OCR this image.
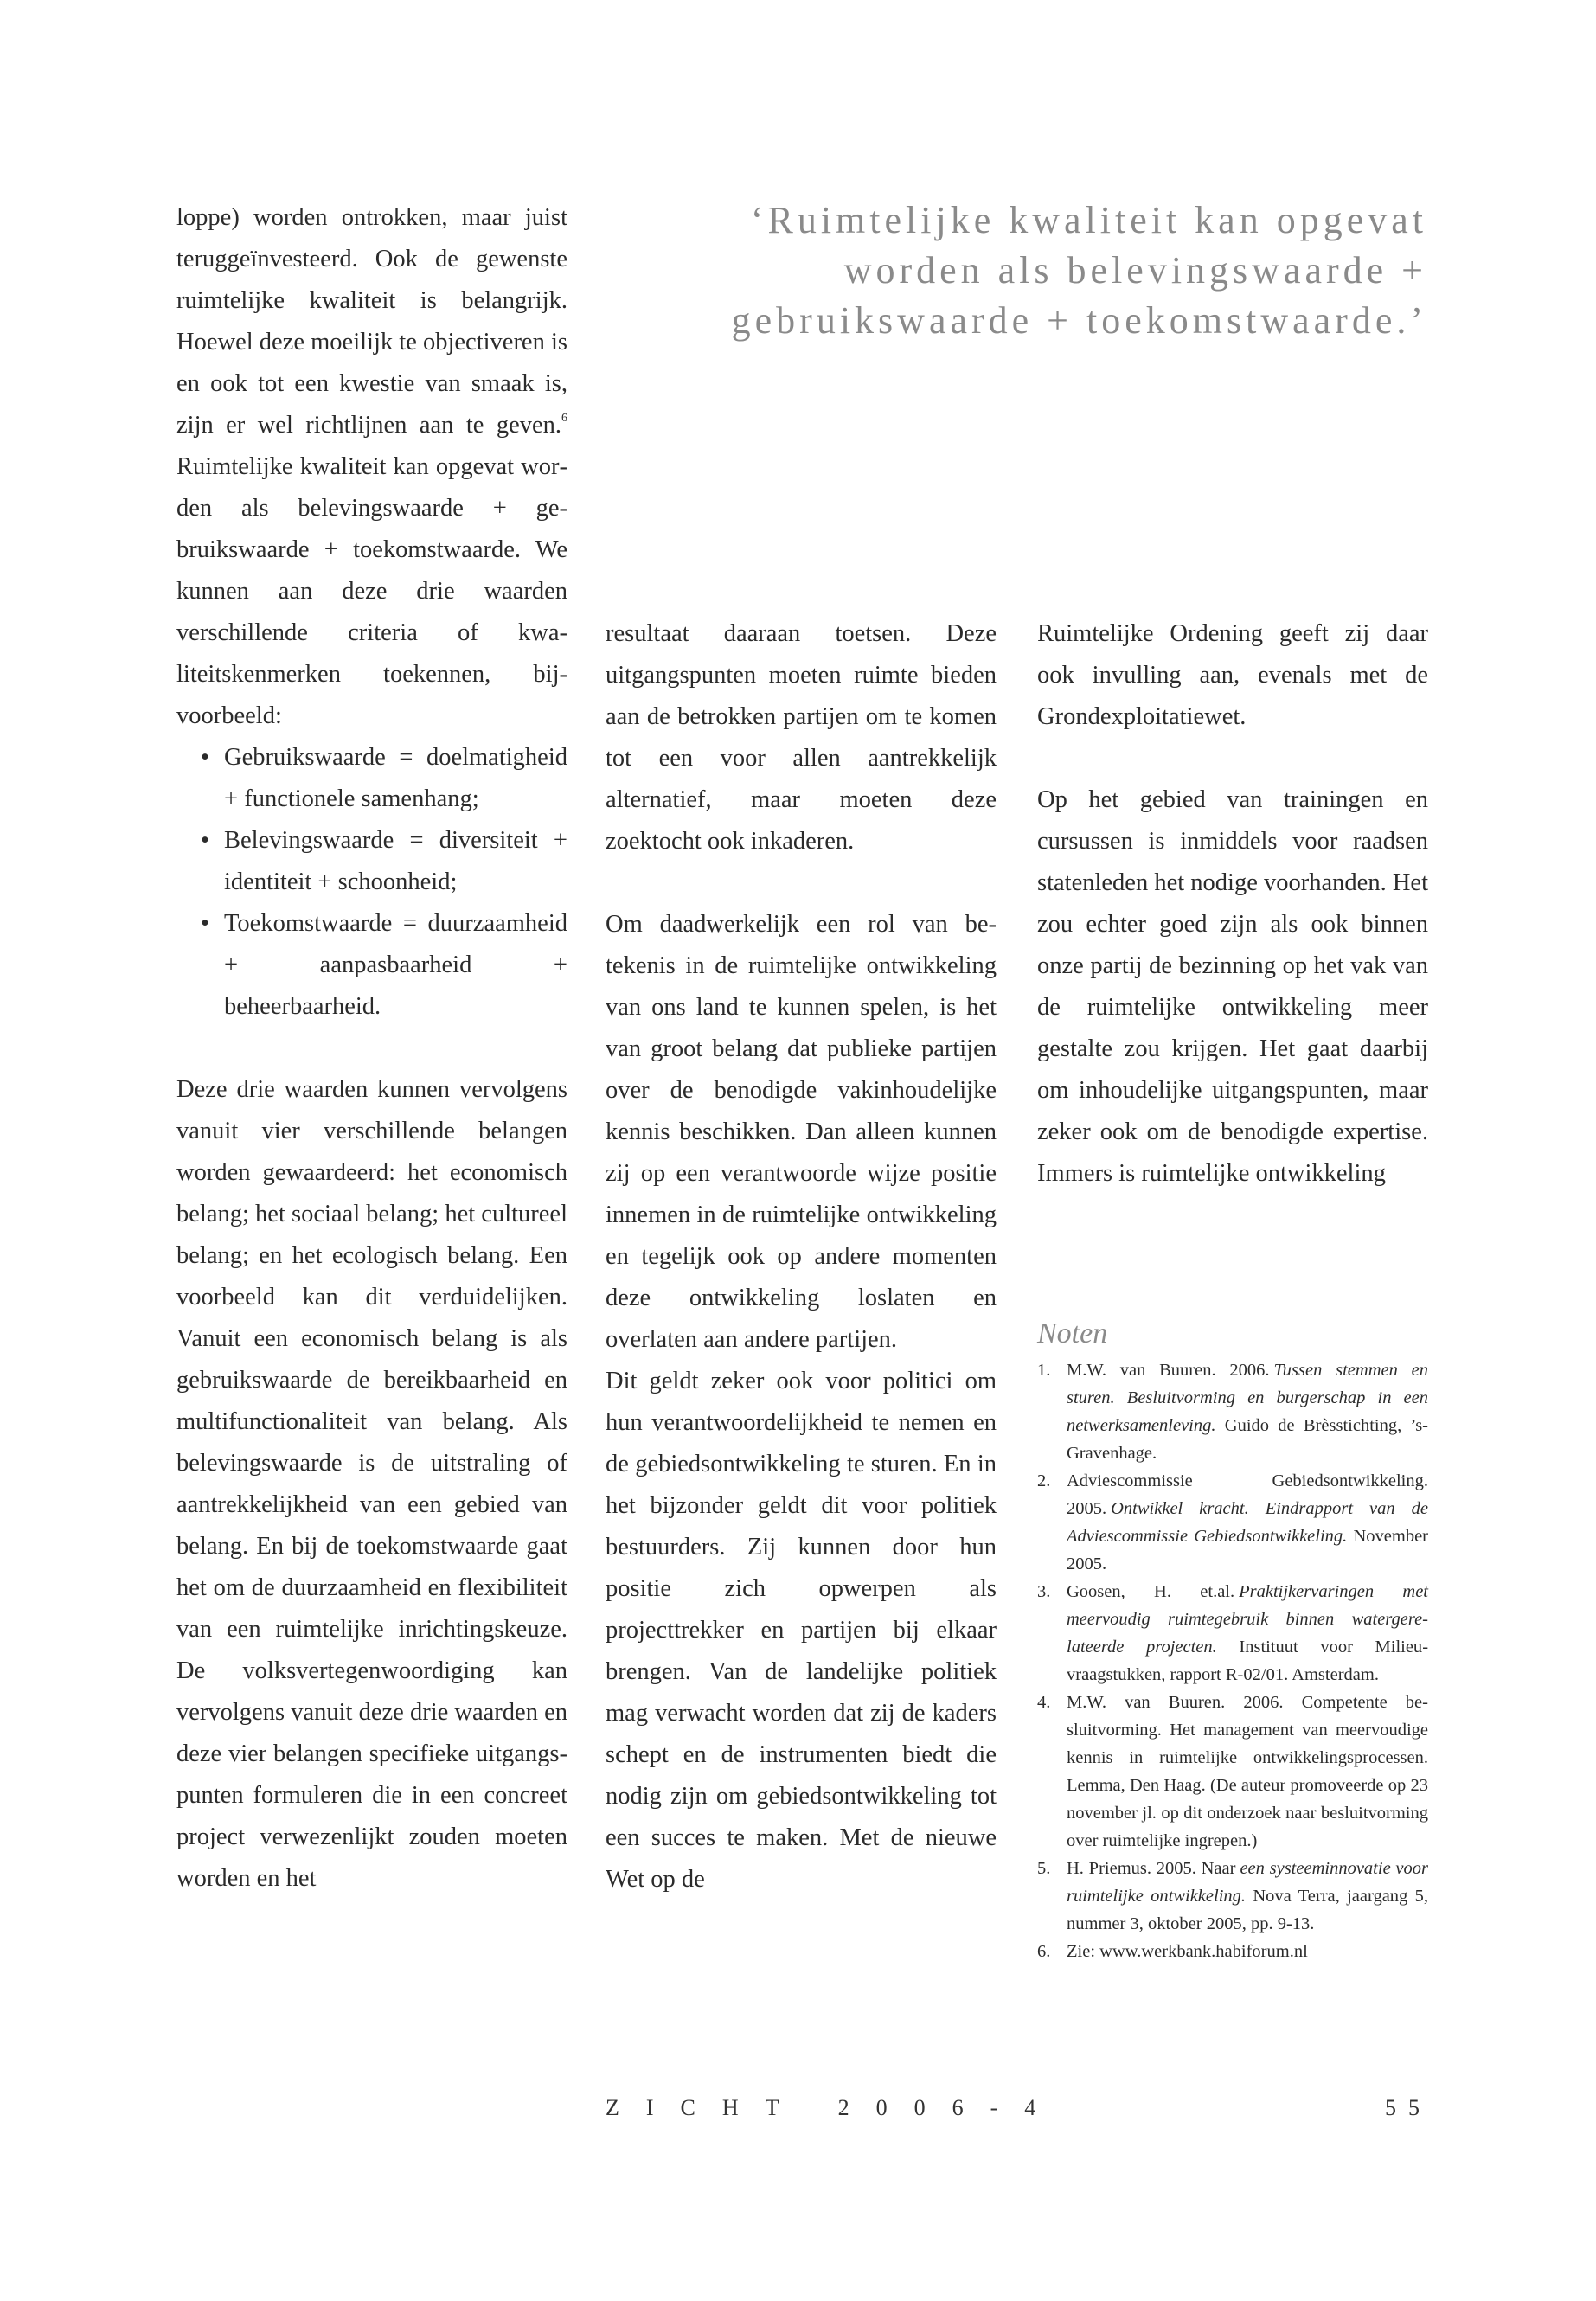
‘Ruimtelijke kwaliteit kan opgevat worden als belevingswaarde + gebruikswaarde + toekomstwaarde.’

loppe) worden ontrokken, maar juist teruggeïnvesteerd. Ook de gewenste ruimtelijke kwaliteit is belangrijk. Hoewel deze moeilijk te objectiveren is en ook tot een kwestie van smaak is, zijn er wel richtlijnen aan te geven.$^6$ Ruimtelijke kwaliteit kan opgevat worden als belevingswaarde + gebruikswaarde + toekomstwaarde. We kunnen aan deze drie waarden verschillende criteria of kwaliteitskenmerken toekennen, bijvoorbeeld:

• Gebruikswaarde = doelmatigheid + functionele samenhang;
• Belevingswaarde = diversiteit + identiteit + schoonheid;
• Toekomstwaarde = duurzaamheid + aanpasbaarheid + beheerbaarheid.

Deze drie waarden kunnen vervolgens vanuit vier verschillende belangen worden gewaardeerd: het economisch belang; het sociaal belang; het cultureel belang; en het ecologisch belang. Een voorbeeld kan dit verduidelijken. Vanuit een economisch belang is als gebruikswaarde de bereikbaarheid en multifunctionaliteit van belang. Als belevingswaarde is de uitstraling of aantrekkelijkheid van een gebied van belang. En bij de toekomstwaarde gaat het om de duurzaamheid en flexibiliteit van een ruimtelijke inrichtingskeuze. De volksvertegenwoordiging kan vervolgens vanuit deze drie waarden en deze vier belangen specifieke uitgangspunten formuleren die in een concreet project verwezenlijkt zouden moeten worden en het

resultaat daaraan toetsen. Deze uitgangspunten moeten ruimte bieden aan de betrokken partijen om te komen tot een voor allen aantrekkelijk alternatief, maar moeten deze zoektocht ook inkaderen.

Om daadwerkelijk een rol van betekenis in de ruimtelijke ontwikkeling van ons land te kunnen spelen, is het van groot belang dat publieke partijen over de benodigde vakinhoudelijke kennis beschikken. Dan alleen kunnen zij op een verantwoorde wijze positie innemen in de ruimtelijke ontwikkeling en tegelijk ook op andere momenten deze ontwikkeling loslaten en overlaten aan andere partijen.

Dit geldt zeker ook voor politici om hun verantwoordelijkheid te nemen en de gebiedsontwikkeling te sturen. En in het bijzonder geldt dit voor politiek bestuurders. Zij kunnen door hun positie zich opwerpen als projecttrekker en partijen bij elkaar brengen. Van de landelijke politiek mag verwacht worden dat zij de kaders schept en de instrumenten biedt die nodig zijn om gebiedsontwikkeling tot een succes te maken. Met de nieuwe Wet op de

Ruimtelijke Ordening geeft zij daar ook invulling aan, evenals met de Grondexploitatiewet.

Op het gebied van trainingen en cursussen is inmiddels voor raadsen statenleden het nodige voorhanden. Het zou echter goed zijn als ook binnen onze partij de bezinning op het vak van de ruimtelijke ontwikkeling meer gestalte zou krijgen. Het gaat daarbij om inhoudelijke uitgangspunten, maar zeker ook om de benodigde expertise. Immers is ruimtelijke ontwikkeling

Noten
1. M.W. van Buuren. 2006. Tussen stemmen en sturen. Besluitvorming en burgerschap in een netwerksamenleving. Guido de Brèsstichting, ’s-Gravenhage.
2. Adviescommissie Gebiedsontwikkeling. 2005. Ontwikkel kracht. Eindrapport van de Adviescommissie Gebiedsontwikkeling. November 2005.
3. Goosen, H. et.al. Praktijkervaringen met meervoudig ruimtegebruik binnen watergerelateerde projecten. Instituut voor Milieuvraagstukken, rapport R-02/01. Amsterdam.
4. M.W. van Buuren. 2006. Competente besluitvorming. Het management van meervoudige kennis in ruimtelijke ontwikkelingsprocessen. Lemma, Den Haag. (De auteur promoveerde op 23 november jl. op dit onderzoek naar besluitvorming over ruimtelijke ingrepen.)
5. H. Priemus. 2005. Naar een systeeminnovatie voor ruimtelijke ontwikkeling. Nova Terra, jaargang 5, nummer 3, oktober 2005, pp. 9-13.
6. Zie: www.werkbank.habiforum.nl
ZICHT 2006-4	55
